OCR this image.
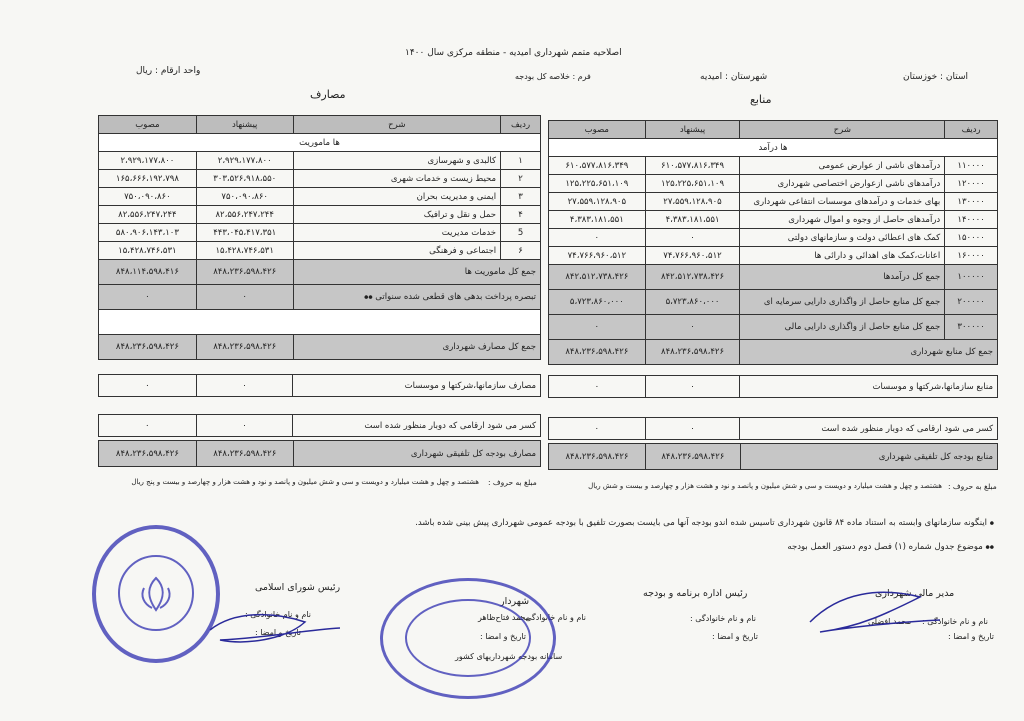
اصلاحیه متمم شهرداری امیدیه - منطقه مرکزی سال ۱۴۰۰
فرم : خلاصه کل بودجه	استان : خوزستان
شهرستان : امیدیه
واحد ارقام : ریال
منابع
مصارف
ردیف	شرح	پیشنهاد	مصوب
ها درآمد			
۱۱۰۰۰۰	درآمدهای ناشی از عوارض عمومی	۶۱۰،۵۷۷،۸۱۶،۳۴۹	۶۱۰،۵۷۷،۸۱۶،۳۴۹
۱۲۰۰۰۰	درآمدهای ناشی ازعوارض اختصاصی شهرداری	۱۲۵،۲۲۵،۶۵۱،۱۰۹	۱۲۵،۲۲۵،۶۵۱،۱۰۹
۱۳۰۰۰۰	بهای خدمات و درآمدهای موسسات انتفاعی شهرداری	۲۷،۵۵۹،۱۲۸،۹۰۵	۲۷،۵۵۹،۱۲۸،۹۰۵
۱۴۰۰۰۰	درآمدهای حاصل از وجوه و اموال شهرداری	۴،۳۸۳،۱۸۱،۵۵۱	۴،۳۸۳،۱۸۱،۵۵۱
۱۵۰۰۰۰	کمک های اعطائی دولت و سازمانهای دولتی	۰	۰
۱۶۰۰۰۰	اعانات،کمک های اهدائی و دارائی ها	۷۴،۷۶۶،۹۶۰،۵۱۲	۷۴،۷۶۶،۹۶۰،۵۱۲
۱۰۰۰۰۰	جمع کل درآمدها	۸۴۲،۵۱۲،۷۳۸،۴۲۶	۸۴۲،۵۱۲،۷۳۸،۴۲۶
۲۰۰۰۰۰	جمع کل منابع حاصل از واگذاری دارایی سرمایه ای	۵،۷۲۳،۸۶۰،۰۰۰	۵،۷۲۳،۸۶۰،۰۰۰
۳۰۰۰۰۰	جمع کل منابع حاصل از واگذاری دارایی مالی	۰	۰
جمع کل منابع شهرداری		۸۴۸،۲۳۶،۵۹۸،۴۲۶	۸۴۸،۲۳۶،۵۹۸،۴۲۶
منابع سازمانها،شرکتها و موسسات	۰	۰
کسر می شود ارقامی که دوبار منظور شده است	۰	۰
منابع بودجه کل تلفیقی شهرداری	۸۴۸،۲۳۶،۵۹۸،۴۲۶	۸۴۸،۲۳۶،۵۹۸،۴۲۶
ردیف	شرح	پیشنهاد	مصوب
ها ماموریت			
۱	کالبدی و شهرسازی	۲،۹۲۹،۱۷۷،۸۰۰	۲،۹۲۹،۱۷۷،۸۰۰
۲	محیط زیست و خدمات شهری	۳۰۳،۵۲۶،۹۱۸،۵۵۰	۱۶۵،۶۶۶،۱۹۲،۷۹۸
۳	ایمنی و مدیریت بحران	۷۵۰،۰۹۰،۸۶۰	۷۵۰،۰۹۰،۸۶۰
۴	حمل و نقل و ترافیک	۸۲،۵۵۶،۲۴۷،۲۴۴	۸۲،۵۵۶،۲۴۷،۲۴۴
5	خدمات مدیریت	۴۴۳،۰۴۵،۴۱۷،۳۵۱	۵۸۰،۹۰۶،۱۴۳،۱۰۳
۶	اجتماعی و فرهنگی	۱۵،۴۲۸،۷۴۶،۵۳۱	۱۵،۴۲۸،۷۴۶،۵۳۱
جمع کل ماموریت ها		۸۴۸،۲۳۶،۵۹۸،۴۲۶	۸۴۸،۱۱۴،۵۹۸،۴۱۶
تبصره پرداخت بدهی های قطعی شده سنواتی ⦁⦁		۰	۰

جمع کل مصارف شهرداری		۸۴۸،۲۳۶،۵۹۸،۴۲۶	۸۴۸،۲۳۶،۵۹۸،۴۲۶
مصارف سازمانها،شرکتها و موسسات	۰	۰
کسر می شود ارقامی که دوبار منظور شده است	۰	۰
مصارف بودجه کل تلفیقی شهرداری	۸۴۸،۲۳۶،۵۹۸،۴۲۶	۸۴۸،۲۳۶،۵۹۸،۴۲۶
مبلغ به حروف :
هشتصد و چهل و هشت میلیارد و دویست و سی و شش میلیون و پانصد و نود و هشت هزار و چهارصد و بیست و شش ریال
مبلغ به حروف :
هشتصد و چهل و هشت میلیارد و دویست و سی و شش میلیون و پانصد و نود و هشت هزار و چهارصد و بیست و پنج ریال
⦁ اینگونه سازمانهای وابسته به استناد ماده ۸۴ قانون شهرداری تاسیس شده اندو بودجه آنها می بایست بصورت تلفیق با بودجه عمومی شهرداری پیش بینی شده باشد.
⦁⦁ موضوع جدول شماره (۱) فصل دوم دستور العمل بودجه
مدیر مالی شهرداری
نام و نام خانوادگی :
محمد افضلی
تاریخ و امضا :
رئیس اداره برنامه و بودجه
نام و نام خانوادگی :
تاریخ و امضا :
شهردار
محمد فتاح‌ظاهر
نام و نام خانوادگی :
تاریخ و امضا :
سامانه بودجه شهرداریهای کشور
رئیس شورای اسلامی
نام و نام خانوادگی :
تاریخ و امضا :
